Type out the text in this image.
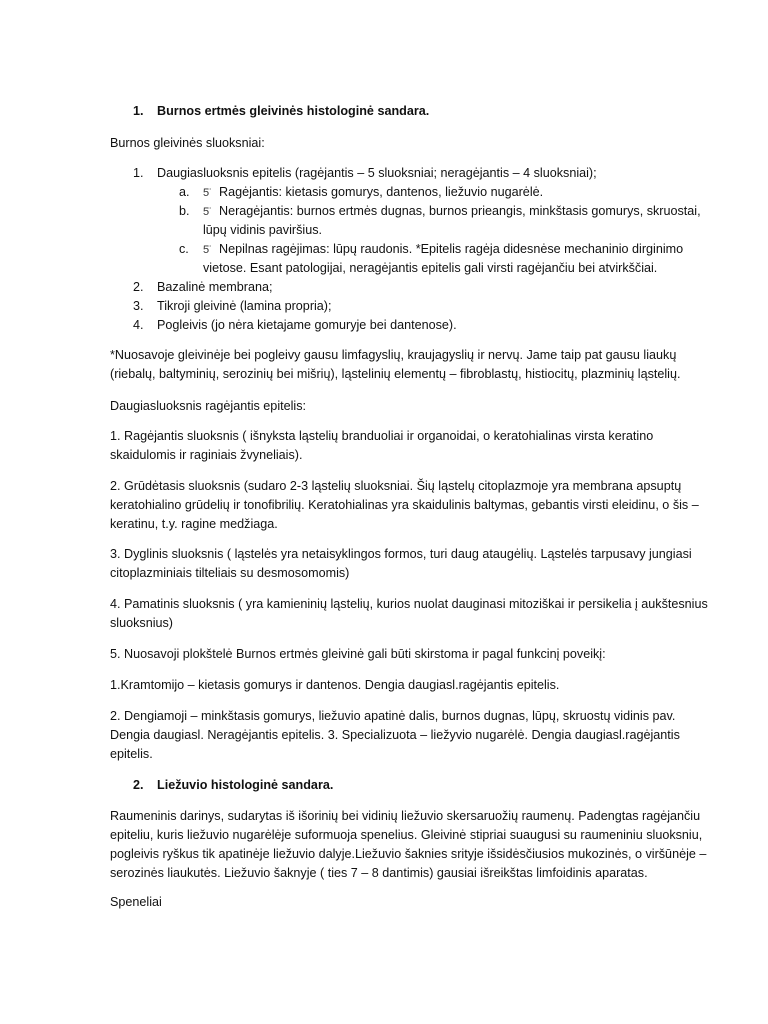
1. Burnos ertmės gleivinės histologinė sandara.
Burnos gleivinės sluoksniai:
1. Daugiasluoksnis epitelis (ragėjantis – 5 sluoksniai; neragėjantis – 4 sluoksniai);
a. 5̈ Ragėjantis: kietasis gomurys, dantenos, liežuvio nugarėlė.
b. 5̈ Neragėjantis: burnos ertmės dugnas, burnos prieangis, minkštasis gomurys, skruostai,
lūpų vidinis paviršius.
c. 5̈ Nepilnas ragėjimas: lūpų raudonis. *Epitelis ragėja didesnėse mechaninio dirginimo
vietose. Esant patologijai, neragėjantis epitelis gali virsti ragėjančiu bei atvirkščiai.
2. Bazalinė membrana;
3. Tikroji gleivinė (lamina propria);
4. Pogleivis (jo nėra kietajame gomuryje bei dantenose).
*Nuosavoje gleivinėje bei pogleivy gausu limfagyslių, kraujagyslių ir nervų. Jame taip pat gausu liaukų
(riebalų, baltyminių, serozinių bei mišrių), ląstelinių elementų – fibroblastų, histiocitų, plazminių ląstelių.
Daugiasluoksnis ragėjantis epitelis:
1. Ragėjantis sluoksnis ( išnyksta ląstelių branduoliai ir organoidai, o keratohialinas virsta keratino
skaidulomis ir raginiais žvyneliais).
2. Grūdėtasis sluoksnis (sudaro 2-3 ląstelių sluoksniai. Šių ląstelų citoplazmoje yra membrana apsuptų
keratohialino grūdelių ir tonofibrilių. Keratohialinas yra skaidulinis baltymas, gebantis virsti eleidinu, o šis –
keratinu, t.y. ragine medžiaga.
3. Dyglinis sluoksnis ( ląstelės yra netaisyklingos formos, turi daug ataugėlių. Ląstelės tarpusavy jungiasi
citoplazminiais tilteliais su desmosomomis)
4. Pamatinis sluoksnis ( yra kamieninių ląstelių, kurios nuolat dauginasi mitoziškai ir persikelia į aukštesnius
sluoksnius)
5. Nuosavoji plokštelė Burnos ertmės gleivinė gali būti skirstoma ir pagal funkcinį poveikį:
1.Kramtomijo – kietasis gomurys ir dantenos. Dengia daugiasl.ragėjantis epitelis.
2. Dengiamoji – minkštasis gomurys, liežuvio apatinė dalis, burnos dugnas, lūpų, skruostų vidinis pav.
Dengia daugiasl. Neragėjantis epitelis. 3. Specializuota – liežyvio nugarėlė. Dengia daugiasl.ragėjantis
epitelis.
2. Liežuvio histologinė sandara.
Raumeninis darinys, sudarytas iš išorinių bei vidinių liežuvio skersaruožių raumenų. Padengtas ragėjančiu
epiteliu, kuris liežuvio nugarėlėje suformuoja spenelius. Gleivinė stipriai suaugusi su raumeniniu sluoksniu,
pogleivis ryškus tik apatinėje liežuvio dalyje.Liežuvio šaknies srityje išsidėsčiusios mukozinės, o viršūnėje –
serozinės liaukutės. Liežuvio šaknyje ( ties 7 – 8 dantimis) gausiai išreikštas limfoidinis aparatas.
Speneliai
